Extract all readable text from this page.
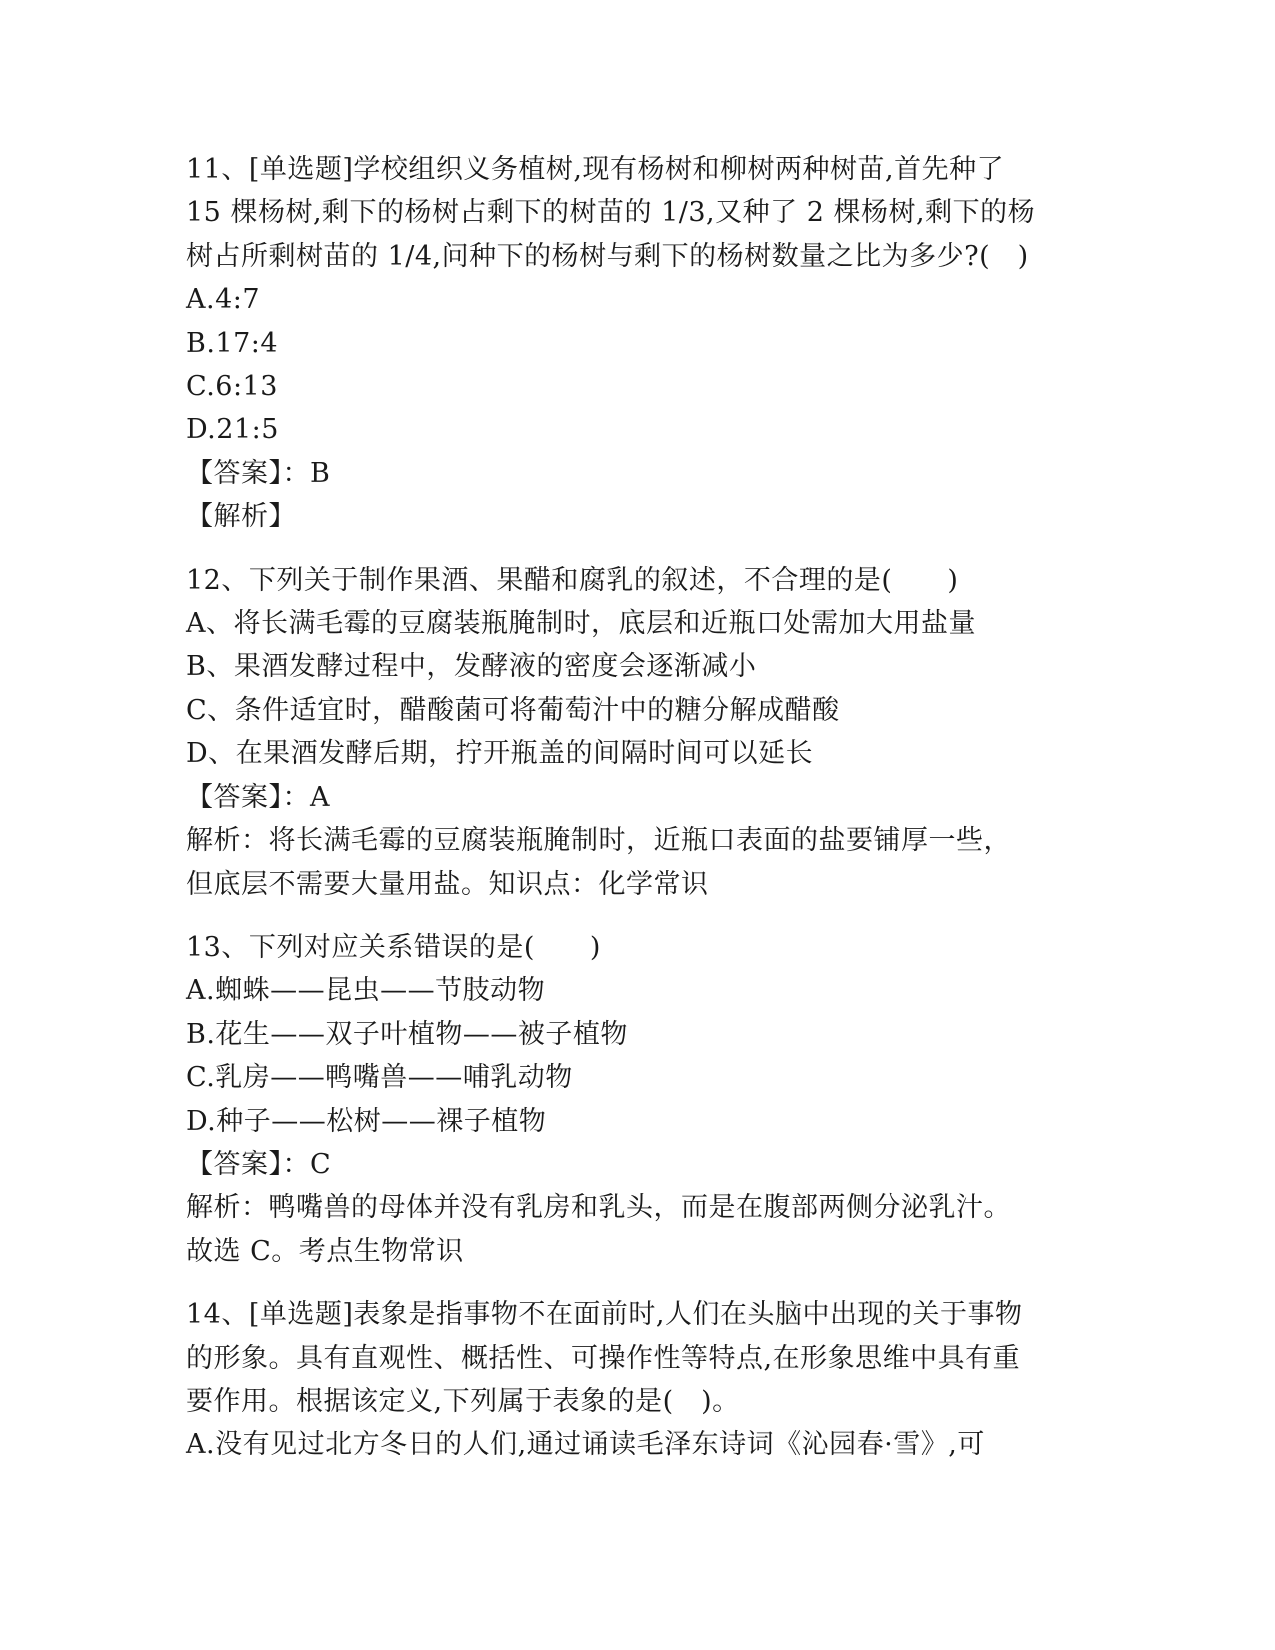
11、[单选题]学校组织义务植树,现有杨树和柳树两种树苗,首先种了
15 棵杨树,剩下的杨树占剩下的树苗的 1/3,又种了 2 棵杨树,剩下的杨
树占所剩树苗的 1/4,问种下的杨树与剩下的杨树数量之比为多少?(　)
A.4:7
B.17:4
C.6:13
D.21:5
【答案】：B
【解析】
12、下列关于制作果酒、果醋和腐乳的叙述，不合理的是(　　)
A、将长满毛霉的豆腐装瓶腌制时，底层和近瓶口处需加大用盐量
B、果酒发酵过程中，发酵液的密度会逐渐减小
C、条件适宜时，醋酸菌可将葡萄汁中的糖分解成醋酸
D、在果酒发酵后期，拧开瓶盖的间隔时间可以延长
【答案】：A
解析：将长满毛霉的豆腐装瓶腌制时，近瓶口表面的盐要铺厚一些，
但底层不需要大量用盐。知识点：化学常识
13、下列对应关系错误的是(　　)
A.蜘蛛——昆虫——节肢动物
B.花生——双子叶植物——被子植物
C.乳房——鸭嘴兽——哺乳动物
D.种子——松树——裸子植物
【答案】：C
解析：鸭嘴兽的母体并没有乳房和乳头，而是在腹部两侧分泌乳汁。
故选 C。考点生物常识
14、[单选题]表象是指事物不在面前时,人们在头脑中出现的关于事物
的形象。具有直观性、概括性、可操作性等特点,在形象思维中具有重
要作用。根据该定义,下列属于表象的是(　)。
A.没有见过北方冬日的人们,通过诵读毛泽东诗词《沁园春·雪》,可
